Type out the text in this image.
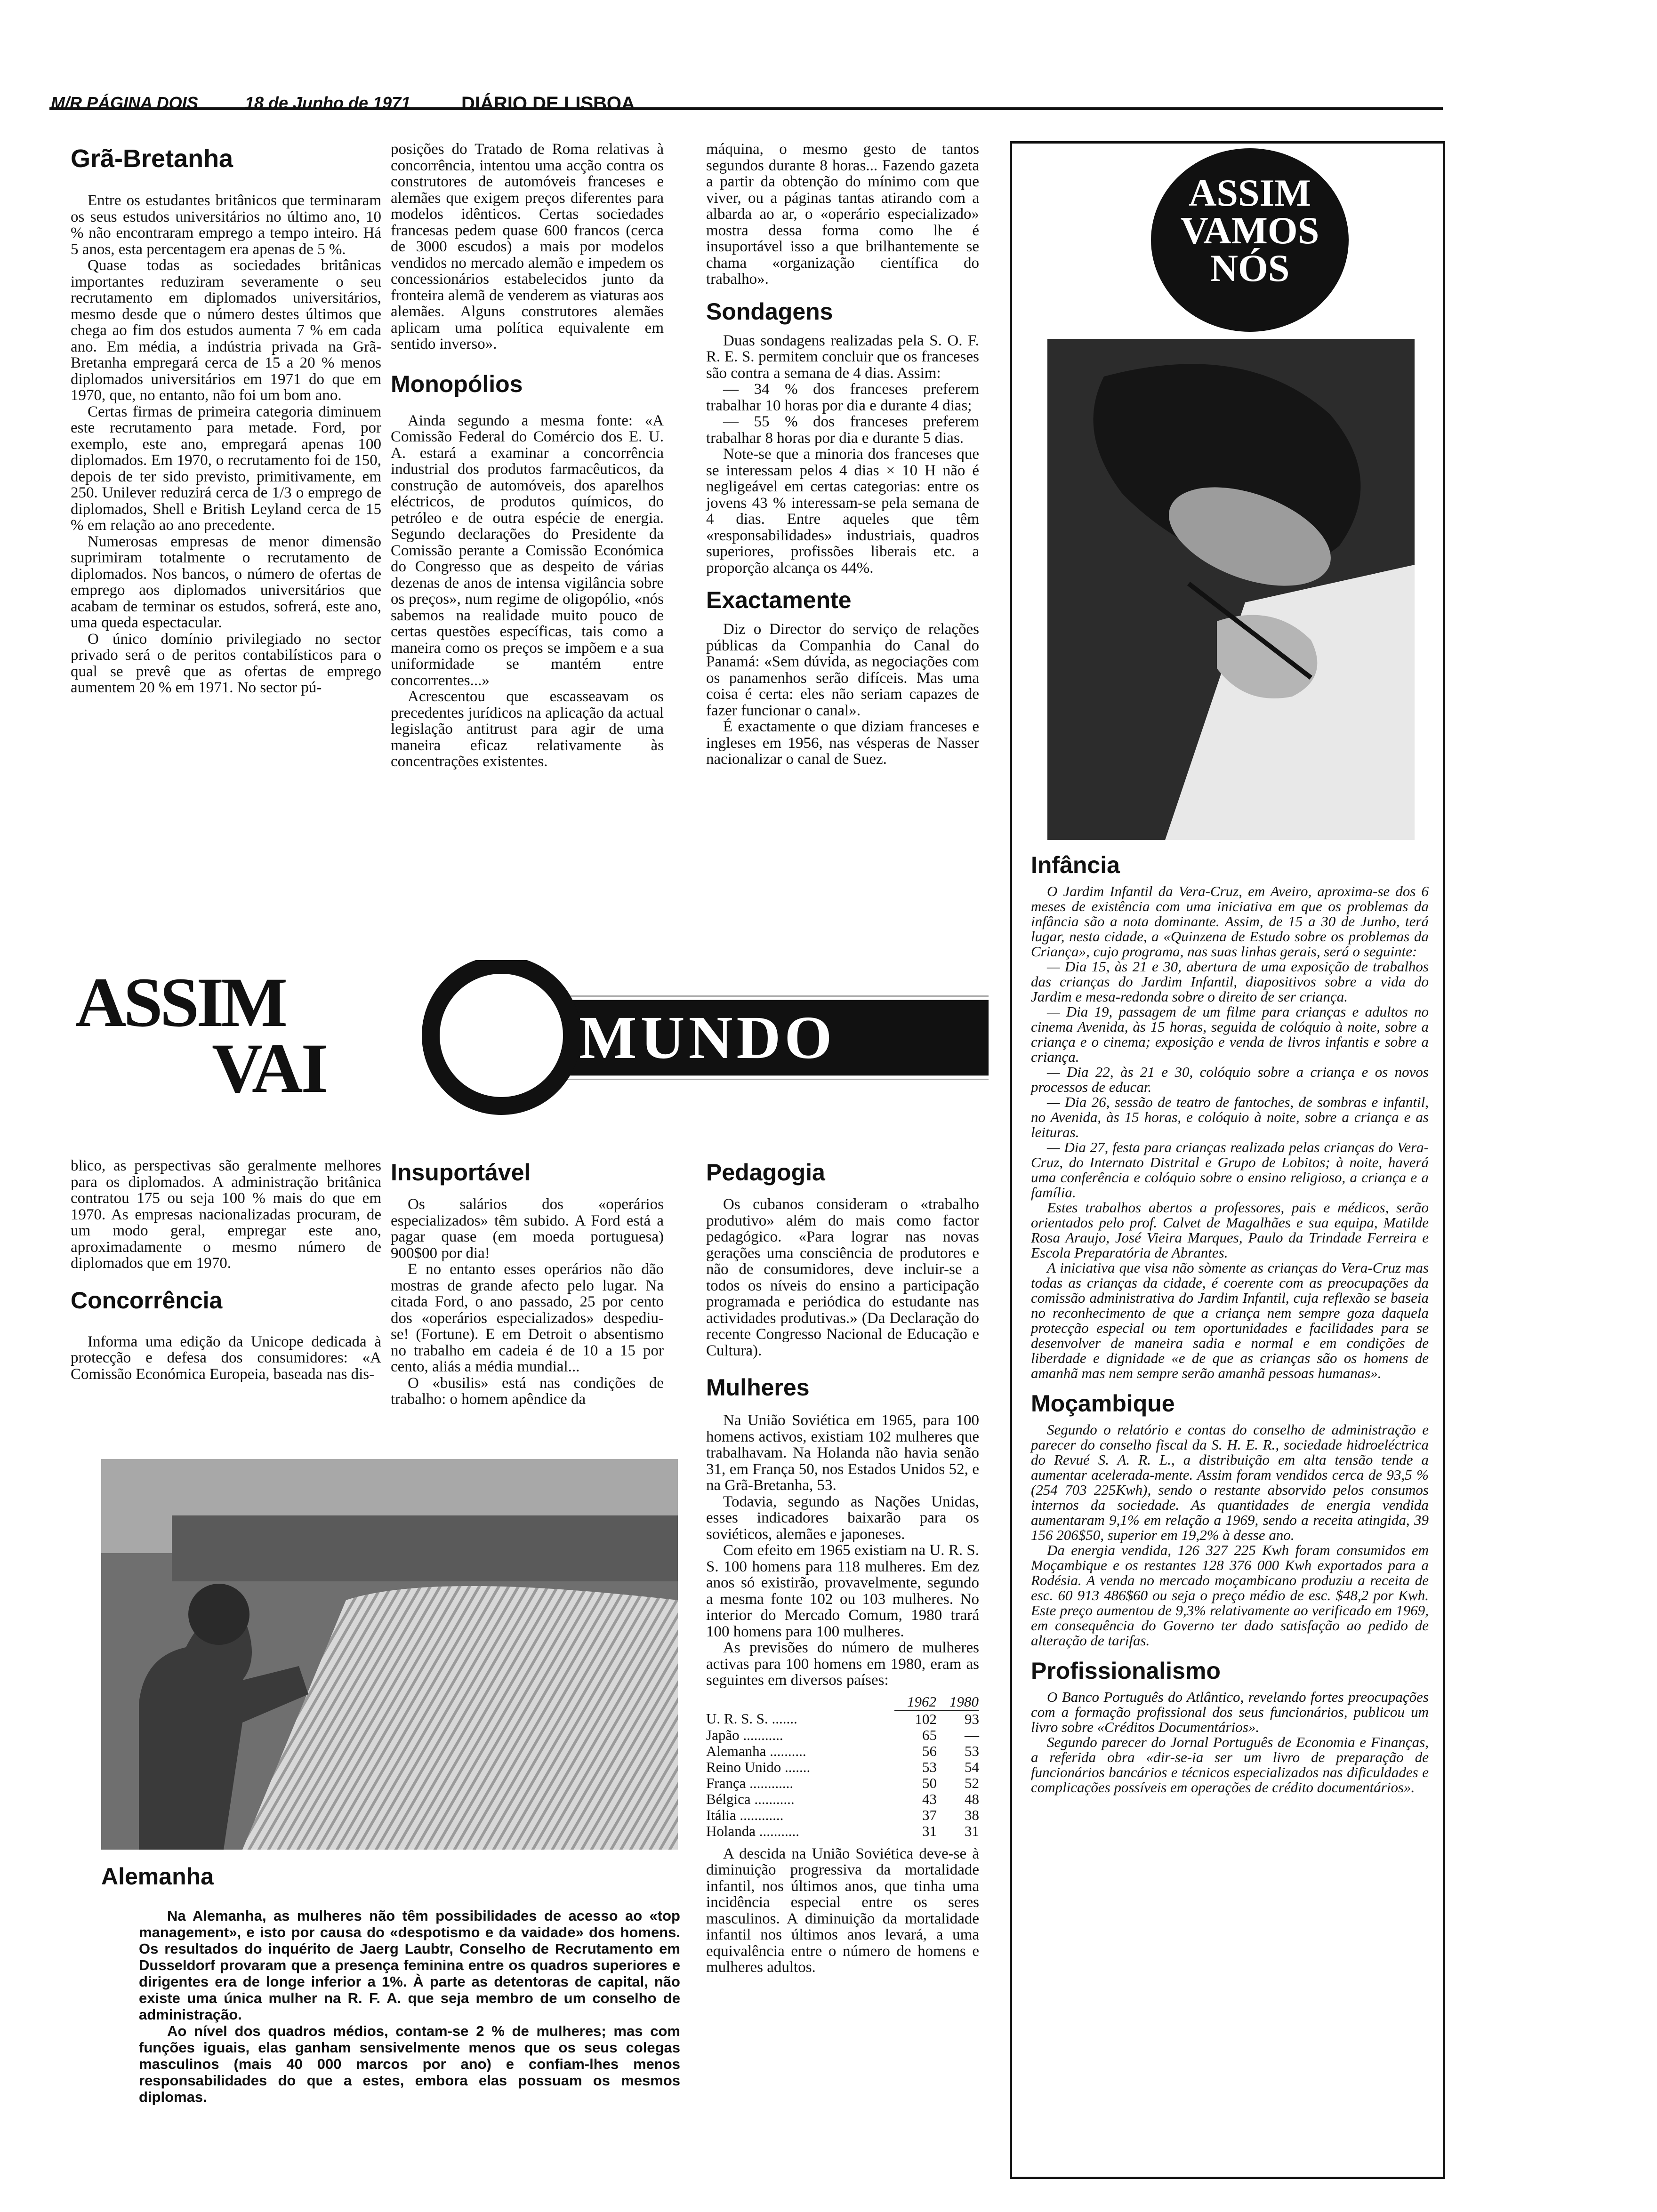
M/R PÁGINA DOIS	18 de Junho de 1971	DIÁRIO DE LISBOA
Grã-Bretanha

Entre os estudantes britânicos que terminaram os seus estudos universitários no último ano, 10 % não encontraram emprego a tempo inteiro. Há 5 anos, esta percentagem era apenas de 5 %.

Quase todas as sociedades britânicas importantes reduziram severamente o seu recrutamento em diplomados universitários, mesmo desde que o número destes últimos que chega ao fim dos estudos aumenta 7 % em cada ano. Em média, a indústria privada na Grã-Bretanha empregará cerca de 15 a 20 % menos diplomados universitários em 1971 do que em 1970, que, no entanto, não foi um bom ano.

Certas firmas de primeira categoria diminuem este recrutamento para metade. Ford, por exemplo, este ano, empregará apenas 100 diplomados. Em 1970, o recrutamento foi de 150, depois de ter sido previsto, primitivamente, em 250. Unilever reduzirá cerca de 1/3 o emprego de diplomados, Shell e British Leyland cerca de 15 % em relação ao ano precedente.

Numerosas empresas de menor dimensão suprimiram totalmente o recrutamento de diplomados. Nos bancos, o número de ofertas de emprego aos diplomados universitários que acabam de terminar os estudos, sofrerá, este ano, uma queda espectacular.

O único domínio privilegiado no sector privado será o de peritos contabilísticos para o qual se prevê que as ofertas de emprego aumentem 20 % em 1971. No sector pú-

posições do Tratado de Roma relativas à concorrência, intentou uma acção contra os construtores de automóveis franceses e alemães que exigem preços diferentes para modelos idênticos. Certas sociedades francesas pedem quase 600 francos (cerca de 3000 escudos) a mais por modelos vendidos no mercado alemão e impedem os concessionários estabelecidos junto da fronteira alemã de venderem as viaturas aos alemães. Alguns construtores alemães aplicam uma política equivalente em sentido inverso».

Monopólios

Ainda segundo a mesma fonte: «A Comissão Federal do Comércio dos E. U. A. estará a examinar a concorrência industrial dos produtos farmacêuticos, da construção de automóveis, dos aparelhos eléctricos, de produtos químicos, do petróleo e de outra espécie de energia. Segundo declarações do Presidente da Comissão perante a Comissão Económica do Congresso que as despeito de várias dezenas de anos de intensa vigilância sobre os preços», num regime de oligopólio, «nós sabemos na realidade muito pouco de certas questões específicas, tais como a maneira como os preços se impõem e a sua uniformidade se mantém entre concorrentes...»

Acrescentou que escasseavam os precedentes jurídicos na aplicação da actual legislação antitrust para agir de uma maneira eficaz relativamente às concentrações existentes.

máquina, o mesmo gesto de tantos segundos durante 8 horas... Fazendo gazeta a partir da obtenção do mínimo com que viver, ou a páginas tantas atirando com a albarda ao ar, o «operário especializado» mostra dessa forma como lhe é insuportável isso a que brilhantemente se chama «organização científica do trabalho».

Sondagens

Duas sondagens realizadas pela S. O. F. R. E. S. permitem concluir que os franceses são contra a semana de 4 dias. Assim:

— 34 % dos franceses preferem trabalhar 10 horas por dia e durante 4 dias;

— 55 % dos franceses preferem trabalhar 8 horas por dia e durante 5 dias.

Note-se que a minoria dos franceses que se interessam pelos 4 dias × 10 H não é negligeável em certas categorias: entre os jovens 43 % interessam-se pela semana de 4 dias. Entre aqueles que têm «responsabilidades» industriais, quadros superiores, profissões liberais etc. a proporção alcança os 44%.

Exactamente

Diz o Director do serviço de relações públicas da Companhia do Canal do Panamá: «Sem dúvida, as negociações com os panamenhos serão difíceis. Mas uma coisa é certa: eles não seriam capazes de fazer funcionar o canal».

É exactamente o que diziam franceses e ingleses em 1956, nas vésperas de Nasser nacionalizar o canal de Suez.

ASSIM
VAI	MUNDO

blico, as perspectivas são geralmente melhores para os diplomados. A administração britânica contratou 175 ou seja 100 % mais do que em 1970. As empresas nacionalizadas procuram, de um modo geral, empregar este ano, aproximadamente o mesmo número de diplomados que em 1970.

Concorrência

Informa uma edição da Unicope dedicada à protecção e defesa dos consumidores: «A Comissão Económica Europeia, baseada nas dis-

Insuportável

Os salários dos «operários especializados» têm subido. A Ford está a pagar quase (em moeda portuguesa) 900$00 por dia!

E no entanto esses operários não dão mostras de grande afecto pelo lugar. Na citada Ford, o ano passado, 25 por cento dos «operários especializados» despediu-se! (Fortune). E em Detroit o absentismo no trabalho em cadeia é de 10 a 15 por cento, aliás a média mundial...

O «busilis» está nas condições de trabalho: o homem apêndice da

Pedagogia

Os cubanos consideram o «trabalho produtivo» além do mais como factor pedagógico. «Para lograr nas novas gerações uma consciência de produtores e não de consumidores, deve incluir-se a todos os níveis do ensino a participação programada e periódica do estudante nas actividades produtivas.» (Da Declaração do recente Congresso Nacional de Educação e Cultura).

Mulheres

Na União Soviética em 1965, para 100 homens activos, existiam 102 mulheres que trabalhavam. Na Holanda não havia senão 31, em França 50, nos Estados Unidos 52, e na Grã-Bretanha, 53.

Todavia, segundo as Nações Unidas, esses indicadores baixarão para os soviéticos, alemães e japoneses.

Com efeito em 1965 existiam na U. R. S. S. 100 homens para 118 mulheres. Em dez anos só existirão, provavelmente, segundo a mesma fonte 102 ou 103 mulheres. No interior do Mercado Comum, 1980 trará 100 homens para 100 mulheres.

As previsões do número de mulheres activas para 100 homens em 1980, eram as seguintes em diversos países:

	1962	1980
U. R. S. S. .......	102	93
Japão ...........	65	—
Alemanha ..........	56	53
Reino Unido .......	53	54
França ............	50	52
Bélgica ...........	43	48
Itália ............	37	38
Holanda ...........	31	31

A descida na União Soviética deve-se à diminuição progressiva da mortalidade infantil, nos últimos anos, que tinha uma incidência especial entre os seres masculinos. A diminuição da mortalidade infantil nos últimos anos levará, a uma equivalência entre o número de homens e mulheres adultos.

Alemanha

Na Alemanha, as mulheres não têm possibilidades de acesso ao «top management», e isto por causa do «despotismo e da vaidade» dos homens. Os resultados do inquérito de Jaerg Laubtr, Conselho de Recrutamento em Dusseldorf provaram que a presença feminina entre os quadros superiores e dirigentes era de longe inferior a 1%. À parte as detentoras de capital, não existe uma única mulher na R. F. A. que seja membro de um conselho de administração.

Ao nível dos quadros médios, contam-se 2 % de mulheres; mas com funções iguais, elas ganham sensivelmente menos que os seus colegas masculinos (mais 40 000 marcos por ano) e confiam-lhes menos responsabilidades do que a estes, embora elas possuam os mesmos diplomas.

ASSIM
VAMOS
NÓS
Infância

O Jardim Infantil da Vera-Cruz, em Aveiro, aproxima-se dos 6 meses de existência com uma iniciativa em que os problemas da infância são a nota dominante. Assim, de 15 a 30 de Junho, terá lugar, nesta cidade, a «Quinzena de Estudo sobre os problemas da Criança», cujo programa, nas suas linhas gerais, será o seguinte:

— Dia 15, às 21 e 30, abertura de uma exposição de trabalhos das crianças do Jardim Infantil, diapositivos sobre a vida do Jardim e mesa-redonda sobre o direito de ser criança.

— Dia 19, passagem de um filme para crianças e adultos no cinema Avenida, às 15 horas, seguida de colóquio à noite, sobre a criança e o cinema; exposição e venda de livros infantis e sobre a criança.

— Dia 22, às 21 e 30, colóquio sobre a criança e os novos processos de educar.

— Dia 26, sessão de teatro de fantoches, de sombras e infantil, no Avenida, às 15 horas, e colóquio à noite, sobre a criança e as leituras.

— Dia 27, festa para crianças realizada pelas crianças do Vera-Cruz, do Internato Distrital e Grupo de Lobitos; à noite, haverá uma conferência e colóquio sobre o ensino religioso, a criança e a família.

Estes trabalhos abertos a professores, pais e médicos, serão orientados pelo prof. Calvet de Magalhães e sua equipa, Matilde Rosa Araujo, José Vieira Marques, Paulo da Trindade Ferreira e Escola Preparatória de Abrantes.

A iniciativa que visa não sòmente as crianças do Vera-Cruz mas todas as crianças da cidade, é coerente com as preocupações da comissão administrativa do Jardim Infantil, cuja reflexão se baseia no reconhecimento de que a criança nem sempre goza daquela protecção especial ou tem oportunidades e facilidades para se desenvolver de maneira sadia e normal e em condições de liberdade e dignidade «e de que as crianças são os homens de amanhã mas nem sempre serão amanhã pessoas humanas».

Moçambique

Segundo o relatório e contas do conselho de administração e parecer do conselho fiscal da S. H. E. R., sociedade hidroeléctrica do Revué S. A. R. L., a distribuição em alta tensão tende a aumentar acelerada-mente. Assim foram vendidos cerca de 93,5 % (254 703 225Kwh), sendo o restante absorvido pelos consumos internos da sociedade. As quantidades de energia vendida aumentaram 9,1% em relação a 1969, sendo a receita atingida, 39 156 206$50, superior em 19,2% à desse ano.

Da energia vendida, 126 327 225 Kwh foram consumidos em Moçambique e os restantes 128 376 000 Kwh exportados para a Rodésia. A venda no mercado moçambicano produziu a receita de esc. 60 913 486$60 ou seja o preço médio de esc. $48,2 por Kwh. Este preço aumentou de 9,3% relativamente ao verificado em 1969, em consequência do Governo ter dado satisfação ao pedido de alteração de tarifas.

Profissionalismo

O Banco Português do Atlântico, revelando fortes preocupações com a formação profissional dos seus funcionários, publicou um livro sobre «Créditos Documentários».

Segundo parecer do Jornal Português de Economia e Finanças, a referida obra «dir-se-ia ser um livro de preparação de funcionários bancários e técnicos especializados nas dificuldades e complicações possíveis em operações de crédito documentários».
